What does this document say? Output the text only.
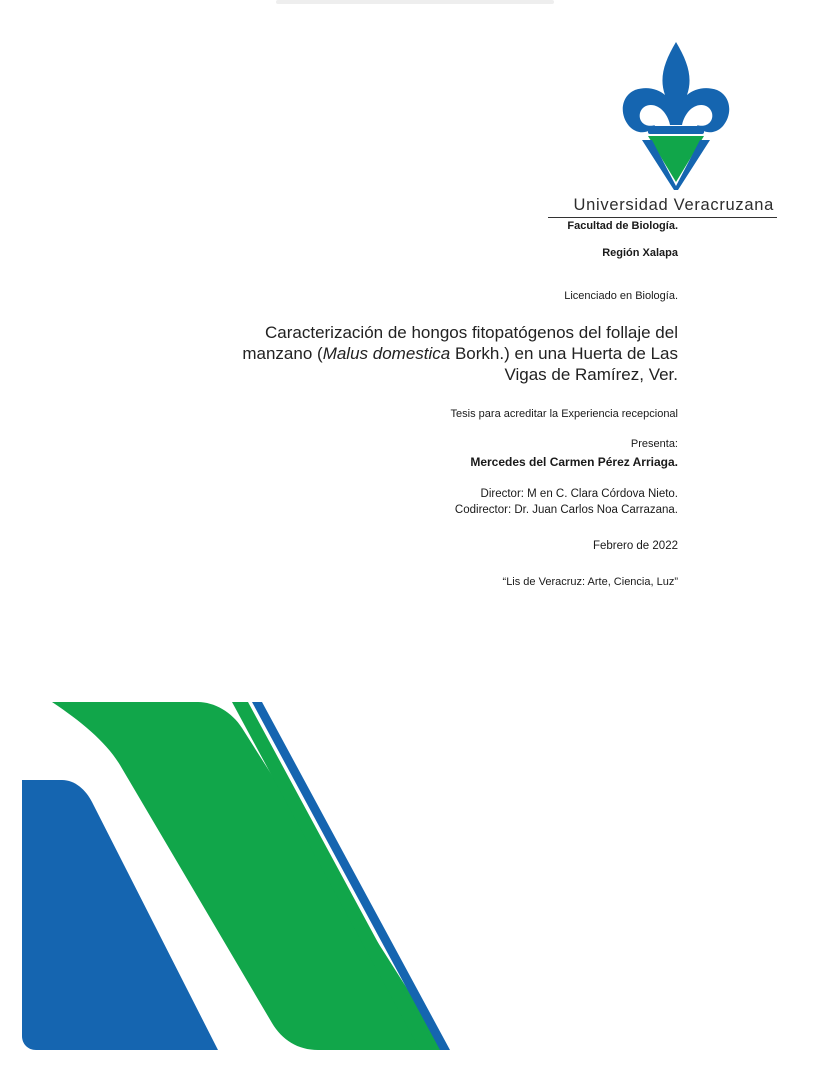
Universidad Veracruzana
Facultad de Biología.
Región Xalapa
Licenciado en Biología.
Caracterización de hongos fitopatógenos del follaje del
manzano (Malus domestica Borkh.) en una Huerta de Las
Vigas de Ramírez, Ver.
Tesis para acreditar la Experiencia recepcional
Presenta:
Mercedes del Carmen Pérez Arriaga.
Director: M en C. Clara Córdova Nieto.
Codirector: Dr. Juan Carlos Noa Carrazana.
Febrero de 2022
“Lis de Veracruz: Arte, Ciencia, Luz”
